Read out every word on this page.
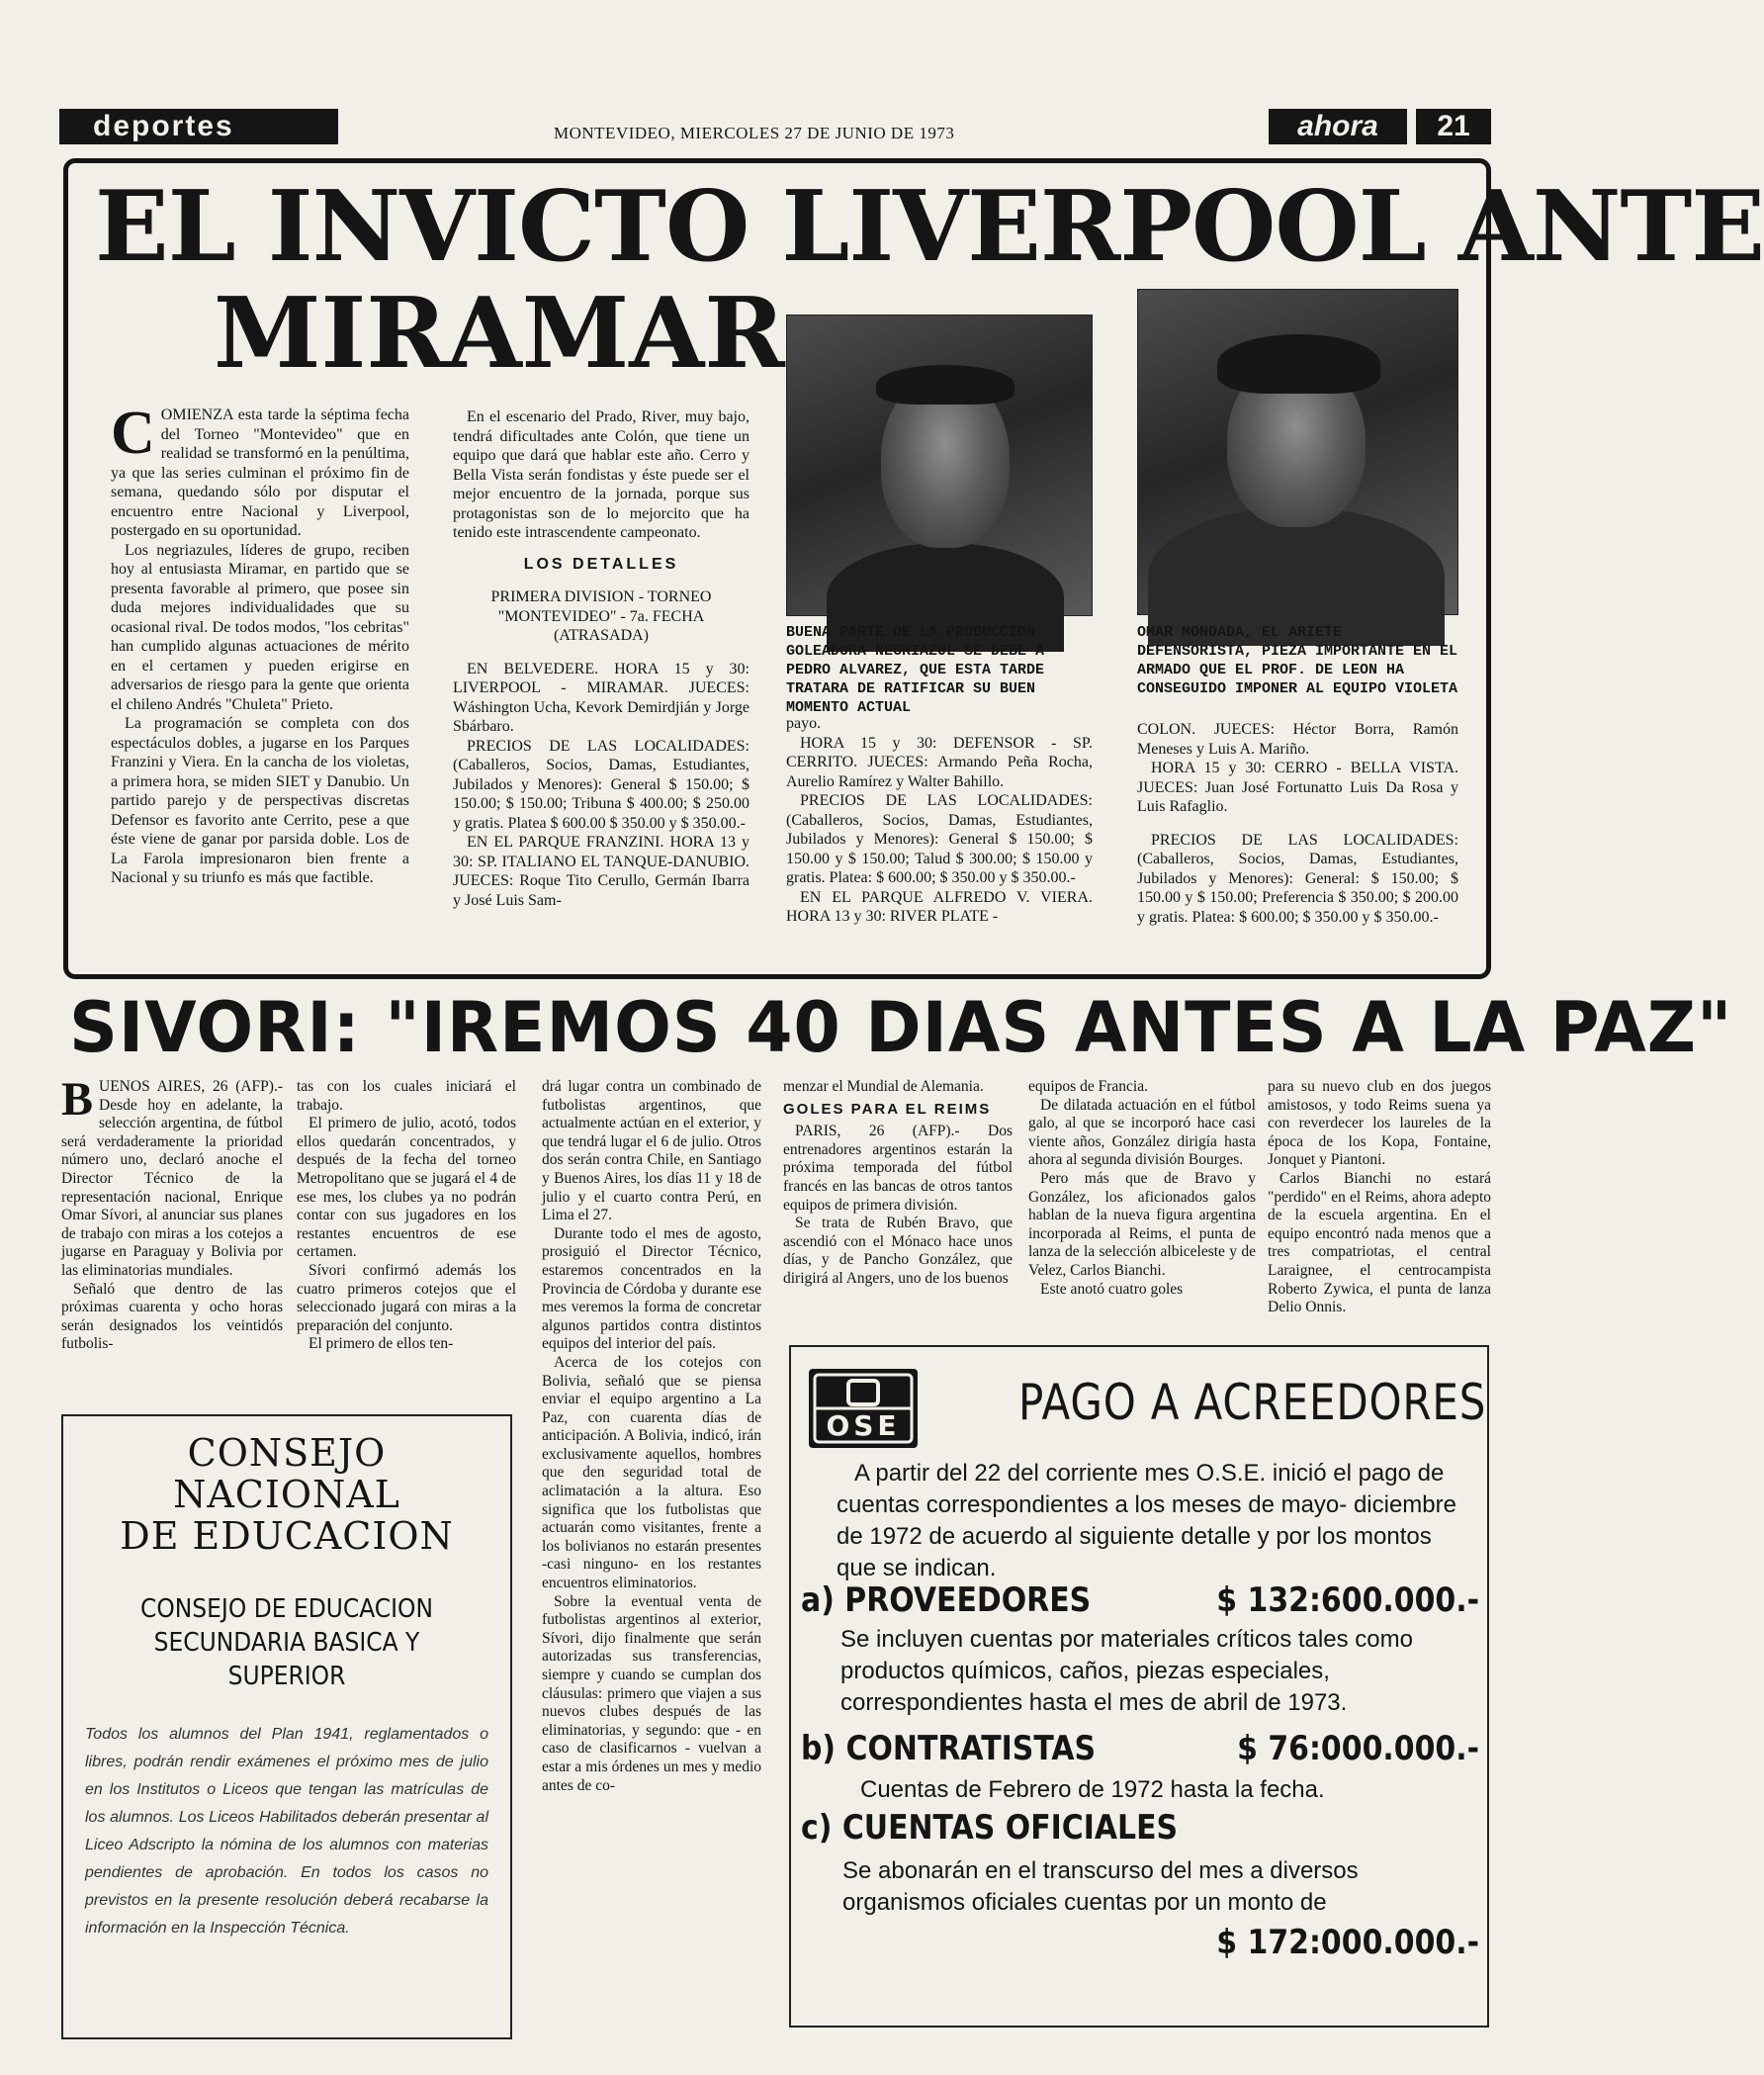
deportes	MONTEVIDEO, MIERCOLES 27 DE JUNIO DE 1973	ahora	21
EL INVICTO LIVERPOOL ANTE
MIRAMAR
C OMIENZA esta tarde la séptima fecha del Torneo "Montevideo" que en realidad se transformó en la penúltima, ya que las series culminan el próximo fin de semana, quedando sólo por disputar el encuentro entre Nacional y Liverpool, postergado en su oportunidad.

Los negriazules, líderes de grupo, reciben hoy al entusiasta Miramar, en partido que se presenta favorable al primero, que posee sin duda mejores individualidades que su ocasional rival. De todos modos, "los cebritas" han cumplido algunas actuaciones de mérito en el certamen y pueden erigirse en adversarios de riesgo para la gente que orienta el chileno Andrés "Chuleta" Prieto.

La programación se completa con dos espectáculos dobles, a jugarse en los Parques Franzini y Viera. En la cancha de los violetas, a primera hora, se miden SIET y Danubio. Un partido parejo y de perspectivas discretas Defensor es favorito ante Cerrito, pese a que éste viene de ganar por parsida doble. Los de La Farola impresionaron bien frente a Nacional y su triunfo es más que factible.

En el escenario del Prado, River, muy bajo, tendrá dificultades ante Colón, que tiene un equipo que dará que hablar este año. Cerro y Bella Vista serán fondistas y éste puede ser el mejor encuentro de la jornada, porque sus protagonistas son de lo mejorcito que ha tenido este intrascendente campeonato.

LOS DETALLES

PRIMERA DIVISION - TORNEO "MONTEVIDEO" - 7a. FECHA (ATRASADA)

EN BELVEDERE. HORA 15 y 30: LIVERPOOL - MIRAMAR. JUECES: Wáshington Ucha, Kevork Demirdjián y Jorge Sbárbaro.

PRECIOS DE LAS LOCALIDADES: (Caballeros, Socios, Damas, Estudiantes, Jubilados y Menores): General $ 150.00; $ 150.00; $ 150.00; Tribuna $ 400.00; $ 250.00 y gratis. Platea $ 600.00 $ 350.00 y $ 350.00.-

EN EL PARQUE FRANZINI. HORA 13 y 30: SP. ITALIANO EL TANQUE-DANUBIO. JUECES: Roque Tito Cerullo, Germán Ibarra y José Luis Sam-

BUENA PARTE DE LA PRODUCCION GOLEADORA NEGRIAZUL SE DEBE A PEDRO ALVAREZ, QUE ESTA TARDE TRATARA DE RATIFICAR SU BUEN MOMENTO ACTUAL
OMAR MONDADA, EL ARIETE DEFENSORISTA, PIEZA IMPORTANTE EN EL ARMADO QUE EL PROF. DE LEON HA CONSEGUIDO IMPONER AL EQUIPO VIOLETA

payo.

HORA 15 y 30: DEFENSOR - SP. CERRITO. JUECES: Armando Peña Rocha, Aurelio Ramírez y Walter Bahillo.

PRECIOS DE LAS LOCALIDADES: (Caballeros, Socios, Damas, Estudiantes, Jubilados y Menores): General $ 150.00; $ 150.00 y $ 150.00; Talud $ 300.00; $ 150.00 y gratis. Platea: $ 600.00; $ 350.00 y $ 350.00.-

EN EL PARQUE ALFREDO V. VIERA. HORA 13 y 30: RIVER PLATE -

COLON. JUECES: Héctor Borra, Ramón Meneses y Luis A. Mariño.

HORA 15 y 30: CERRO - BELLA VISTA. JUECES: Juan José Fortunatto Luis Da Rosa y Luis Rafaglio.

PRECIOS DE LAS LOCALIDADES: (Caballeros, Socios, Damas, Estudiantes, Jubilados y Menores): General: $ 150.00; $ 150.00 y $ 150.00; Preferencia $ 350.00; $ 200.00 y gratis. Platea: $ 600.00; $ 350.00 y $ 350.00.-

SIVORI: "IREMOS 40 DIAS ANTES A LA PAZ"
B UENOS AIRES, 26 (AFP).- Desde hoy en adelante, la selección argentina, de fútbol será verdaderamente la prioridad número uno, declaró anoche el Director Técnico de la representación nacional, Enrique Omar Sívori, al anunciar sus planes de trabajo con miras a los cotejos a jugarse en Paraguay y Bolivia por las eliminatorias mundiales.

Señaló que dentro de las próximas cuarenta y ocho horas serán designados los veintidós futbolis-

tas con los cuales iniciará el trabajo.

El primero de julio, acotó, todos ellos quedarán concentrados, y después de la fecha del torneo Metropolitano que se jugará el 4 de ese mes, los clubes ya no podrán contar con sus jugadores en los restantes encuentros de ese certamen.

Sívori confirmó además los cuatro primeros cotejos que el seleccionado jugará con miras a la preparación del conjunto.

El primero de ellos ten-

drá lugar contra un combinado de futbolistas argentinos, que actualmente actúan en el exterior, y que tendrá lugar el 6 de julio. Otros dos serán contra Chile, en Santiago y Buenos Aires, los días 11 y 18 de julio y el cuarto contra Perú, en Lima el 27.

Durante todo el mes de agosto, prosiguió el Director Técnico, estaremos concentrados en la Provincia de Córdoba y durante ese mes veremos la forma de concretar algunos partidos contra distintos equipos del interior del país.

Acerca de los cotejos con Bolivia, señaló que se piensa enviar el equipo argentino a La Paz, con cuarenta días de anticipación. A Bolivia, indicó, irán exclusivamente aquellos, hombres que den seguridad total de aclimatación a la altura. Eso significa que los futbolistas que actuarán como visitantes, frente a los bolivianos no estarán presentes -casi ninguno- en los restantes encuentros eliminatorios.

Sobre la eventual venta de futbolistas argentinos al exterior, Sívori, dijo finalmente que serán autorizadas sus transferencias, siempre y cuando se cumplan dos cláusulas: primero que viajen a sus nuevos clubes después de las eliminatorias, y segundo: que - en caso de clasificarnos - vuelvan a estar a mis órdenes un mes y medio antes de co-

menzar el Mundial de Alemania.

GOLES PARA EL REIMS

PARIS, 26 (AFP).- Dos entrenadores argentinos estarán la próxima temporada del fútbol francés en las bancas de otros tantos equipos de primera división.

Se trata de Rubén Bravo, que ascendió con el Mónaco hace unos días, y de Pancho González, que dirigirá al Angers, uno de los buenos

equipos de Francia.

De dilatada actuación en el fútbol galo, al que se incorporó hace casi viente años, González dirigía hasta ahora al segunda división Bourges.

Pero más que de Bravo y González, los aficionados galos hablan de la nueva figura argentina incorporada al Reims, el punta de lanza de la selección albiceleste y de Velez, Carlos Bianchi.

Este anotó cuatro goles

para su nuevo club en dos juegos amistosos, y todo Reims suena ya con reverdecer los laureles de la época de los Kopa, Fontaine, Jonquet y Piantoni.

Carlos Bianchi no estará "perdido" en el Reims, ahora adepto de la escuela argentina. En el equipo encontró nada menos que a tres compatriotas, el central Laraignee, el centrocampista Roberto Zywica, el punta de lanza Delio Onnis.

CONSEJO NACIONAL
DE EDUCACION
CONSEJO DE EDUCACION
SECUNDARIA BASICA Y
SUPERIOR

Todos los alumnos del Plan 1941, reglamentados o libres, podrán rendir exámenes el próximo mes de julio en los Institutos o Liceos que tengan las matrículas de los alumnos. Los Liceos Habilitados deberán presentar al Liceo Adscripto la nómina de los alumnos con materias pendientes de aprobación. En todos los casos no previstos en la presente resolución deberá recabarse la información en la Inspección Técnica.

OSE	PAGO A ACREEDORES

A partir del 22 del corriente mes O.S.E. inició el pago de cuentas correspondientes a los meses de mayo- diciembre de 1972 de acuerdo al siguiente detalle y por los montos que se indican.

a) PROVEEDORES	$ 132:600.000.-

Se incluyen cuentas por materiales críticos tales como productos químicos, caños, piezas especiales, correspondientes hasta el mes de abril de 1973.

b) CONTRATISTAS	$ 76:000.000.-

Cuentas de Febrero de 1972 hasta la fecha.

c) CUENTAS OFICIALES

Se abonarán en el transcurso del mes a diversos organismos oficiales cuentas por un monto de

$ 172:000.000.-
